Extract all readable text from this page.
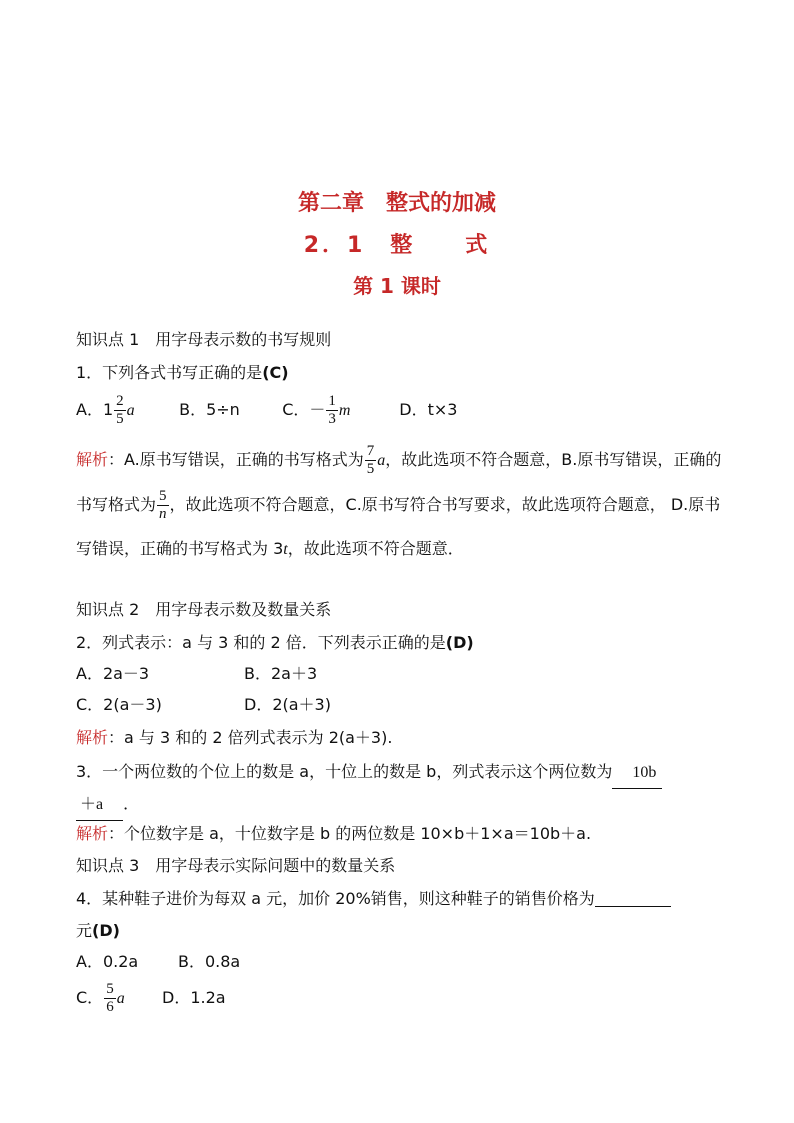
第二章　整式的加减
2．1　整　　式
第 1 课时
知识点 1　用字母表示数的书写规则
1．下列各式书写正确的是(C)
A．$1 \frac{2}{5}$ a	B．5÷n	C．－ $\frac{1}{3}$ m	D．t×3
解析：A.原书写错误，正确的书写格式为 $\frac{7}{5}$ a，故此选项不符合题意，B.原书写错误，正确的书写格式为 $\frac{5}{n}$ ，故此选项不符合题意，C.原书写符合书写要求，故此选项符合题意， D.原书写错误，正确的书写格式为 3t，故此选项不符合题意．
知识点 2　用字母表示数及数量关系
2．列式表示：a 与 3 和的 2 倍．下列表示正确的是(D)
A．2a－3	B．2a＋3
C．2(a－3)	D．2(a＋3)
解析：a 与 3 和的 2 倍列式表示为 2(a＋3).
3．一个两位数的个位上的数是 a，十位上的数是 b，列式表示这个两位数为 10b
＋a ．
解析：个位数字是 a，十位数字是 b 的两位数是 10×b＋1×a＝10b＋a.
知识点 3　用字母表示实际问题中的数量关系
4．某种鞋子进价为每双 a 元，加价 20%销售，则这种鞋子的销售价格为
元(D)
A．0.2a B．0.8a
C． $\frac{5}{6}$ a D．1.2a
